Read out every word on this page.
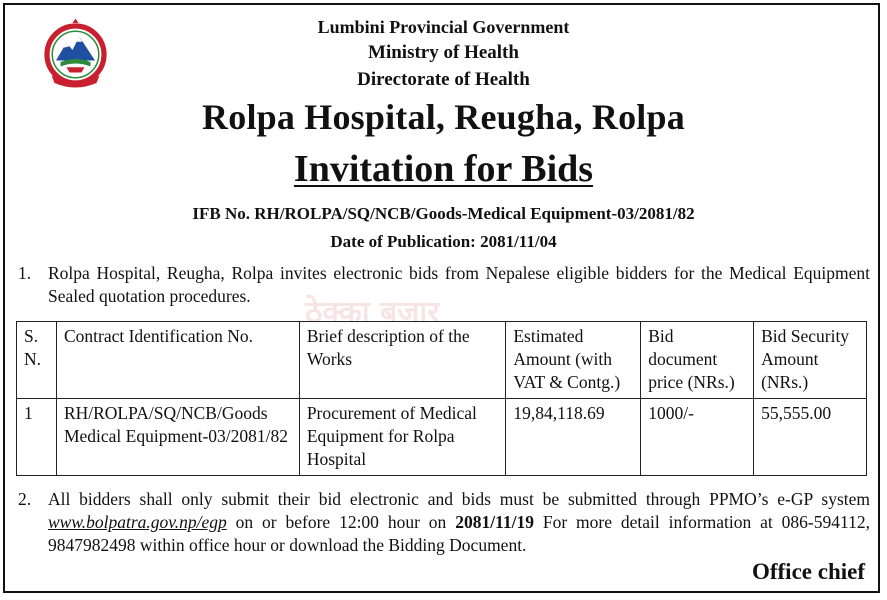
Lumbini Provincial Government
Ministry of Health
Directorate of Health
Rolpa Hospital, Reugha, Rolpa
Invitation for Bids
IFB No. RH/ROLPA/SQ/NCB/Goods-Medical Equipment-03/2081/82
Date of Publication: 2081/11/04
ठेक्का बजार
1. Rolpa Hospital, Reugha, Rolpa invites electronic bids from Nepalese eligible bidders for the Medical Equipment Sealed quotation procedures.
S. N.	Contract Identification No.	Brief description of the Works	Estimated Amount (with VAT & Contg.)	Bid document price (NRs.)	Bid Security Amount (NRs.)
1	RH/ROLPA/SQ/NCB/Goods Medical Equipment-03/2081/82	Procurement of Medical Equipment for Rolpa Hospital	19,84,118.69	1000/-	55,555.00
2. All bidders shall only submit their bid electronic and bids must be submitted through PPMO’s e-GP system www.bolpatra.gov.np/egp on or before 12:00 hour on 2081/11/19 For more detail information at 086-594112, 9847982498 within office hour or download the Bidding Document.
Office chief
